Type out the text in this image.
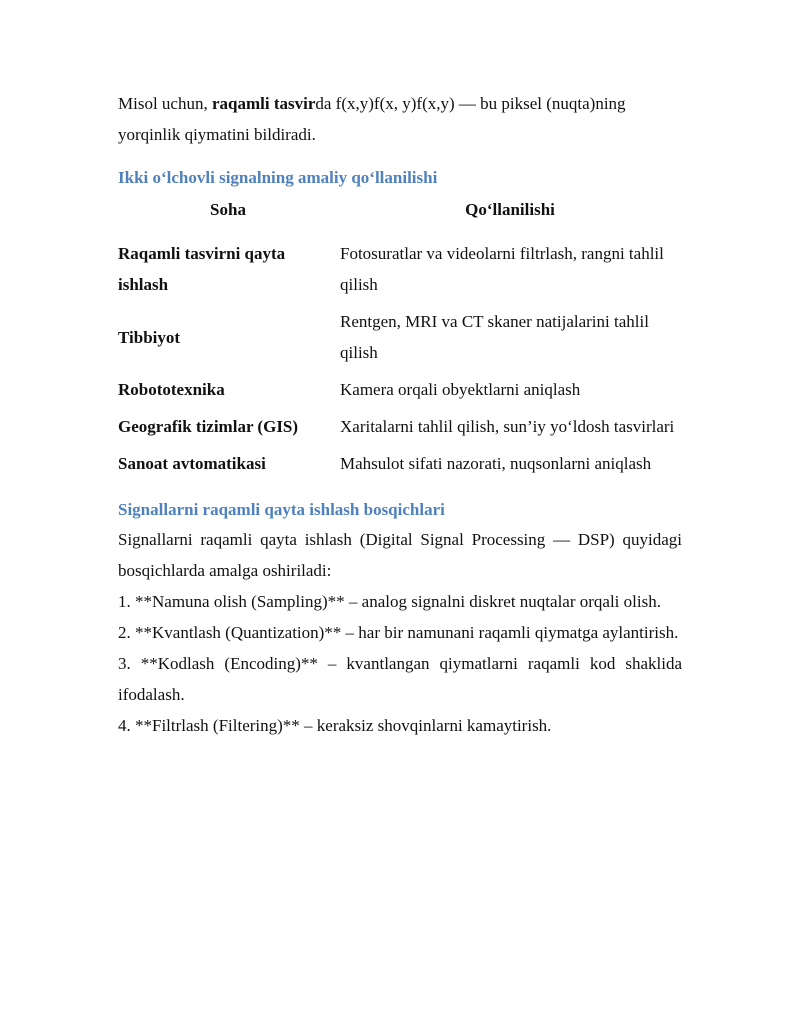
Misol uchun, raqamli tasvirda f(x,y)f(x, y)f(x,y) — bu piksel (nuqta)ning yorqinlik qiymatini bildiradi.

Ikki o‘lchovli signalning amaliy qo‘llanilishi
Soha	Qo‘llanilishi
Raqamli tasvirni qayta ishlash	Fotosuratlar va videolarni filtrlash, rangni tahlil qilish
Tibbiyot	Rentgen, MRI va CT skaner natijalarini tahlil qilish
Robototexnika	Kamera orqali obyektlarni aniqlash
Geografik tizimlar (GIS)	Xaritalarni tahlil qilish, sun’iy yo‘ldosh tasvirlari
Sanoat avtomatikasi	Mahsulot sifati nazorati, nuqsonlarni aniqlash
Signallarni raqamli qayta ishlash bosqichlari

Signallarni raqamli qayta ishlash (Digital Signal Processing — DSP) quyidagi bosqichlarda amalga oshiriladi:

1. **Namuna olish (Sampling)** – analog signalni diskret nuqtalar orqali olish.

2. **Kvantlash (Quantization)** – har bir namunani raqamli qiymatga aylantirish.

3. **Kodlash (Encoding)** – kvantlangan qiymatlarni raqamli kod shaklida ifodalash.

4. **Filtrlash (Filtering)** – keraksiz shovqinlarni kamaytirish.
